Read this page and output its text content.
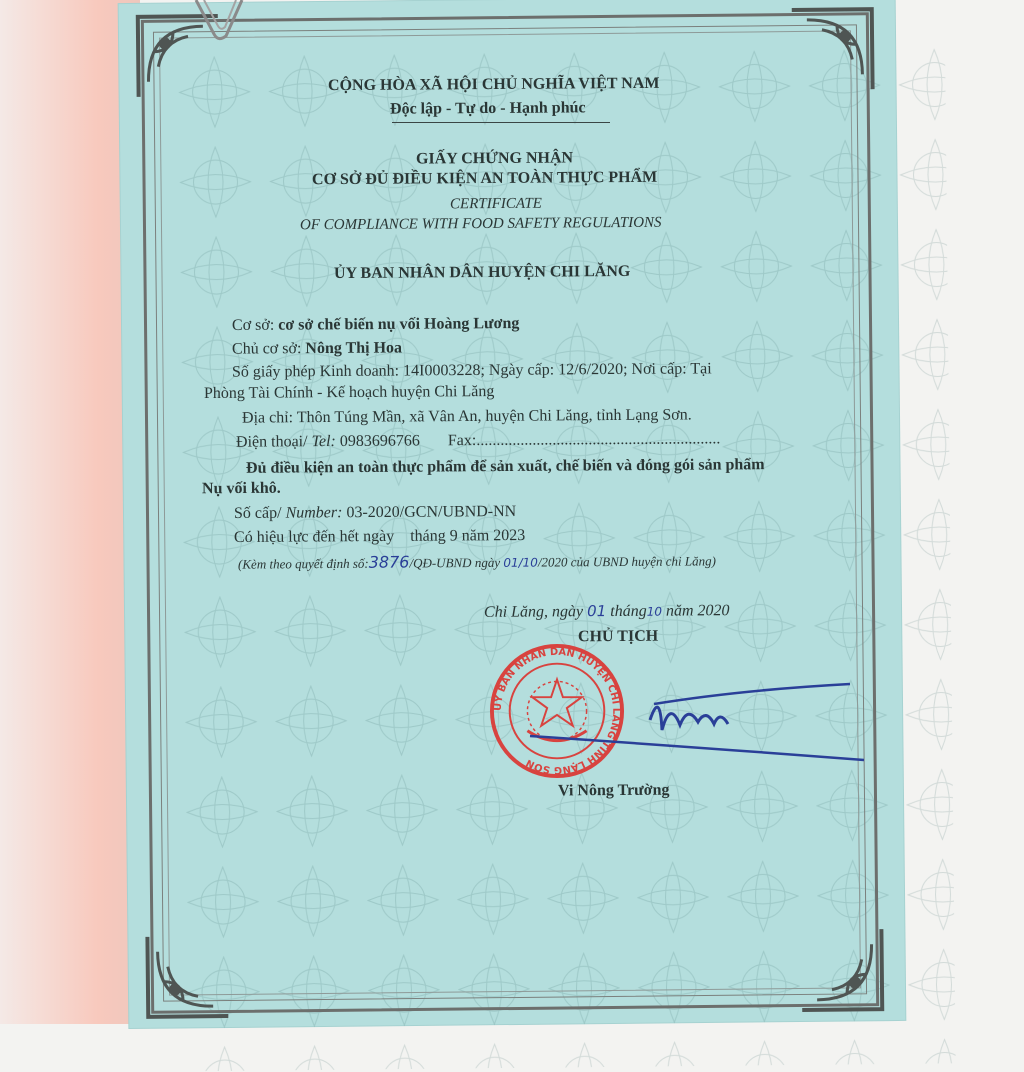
CỘNG HÒA XÃ HỘI CHỦ NGHĨA VIỆT NAM
Độc lập - Tự do - Hạnh phúc
GIẤY CHỨNG NHẬN
CƠ SỞ ĐỦ ĐIỀU KIỆN AN TOÀN THỰC PHẨM
CERTIFICATE
OF COMPLIANCE WITH FOOD SAFETY REGULATIONS
ỦY BAN NHÂN DÂN HUYỆN CHI LĂNG
Cơ sở: cơ sở chế biến nụ vối Hoàng Lương
Chủ cơ sở: Nông Thị Hoa
Số giấy phép Kinh doanh: 14I0003228; Ngày cấp: 12/6/2020; Nơi cấp: Tại
Phòng Tài Chính - Kế hoạch huyện Chi Lăng
Địa chỉ: Thôn Túng Mần, xã Vân An, huyện Chi Lăng, tỉnh Lạng Sơn.
Điện thoại/ Tel: 0983696766 Fax:.............................................................
Đủ điều kiện an toàn thực phẩm để sản xuất, chế biến và đóng gói sản phẩm
Nụ vối khô.
Số cấp/ Number: 03-2020/GCN/UBND-NN
Có hiệu lực đến hết ngày    tháng 9 năm 2023
(Kèm theo quyết định số:3876/QĐ-UBND ngày 01/10/2020 của UBND huyện chi Lăng)
Chi Lăng, ngày 01 tháng10 năm 2020
CHỦ TỊCH
ỦY BAN NHÂN DÂN HUYỆN CHI LĂNG TỈNH LẠNG SƠN
Vi Nông Trường
